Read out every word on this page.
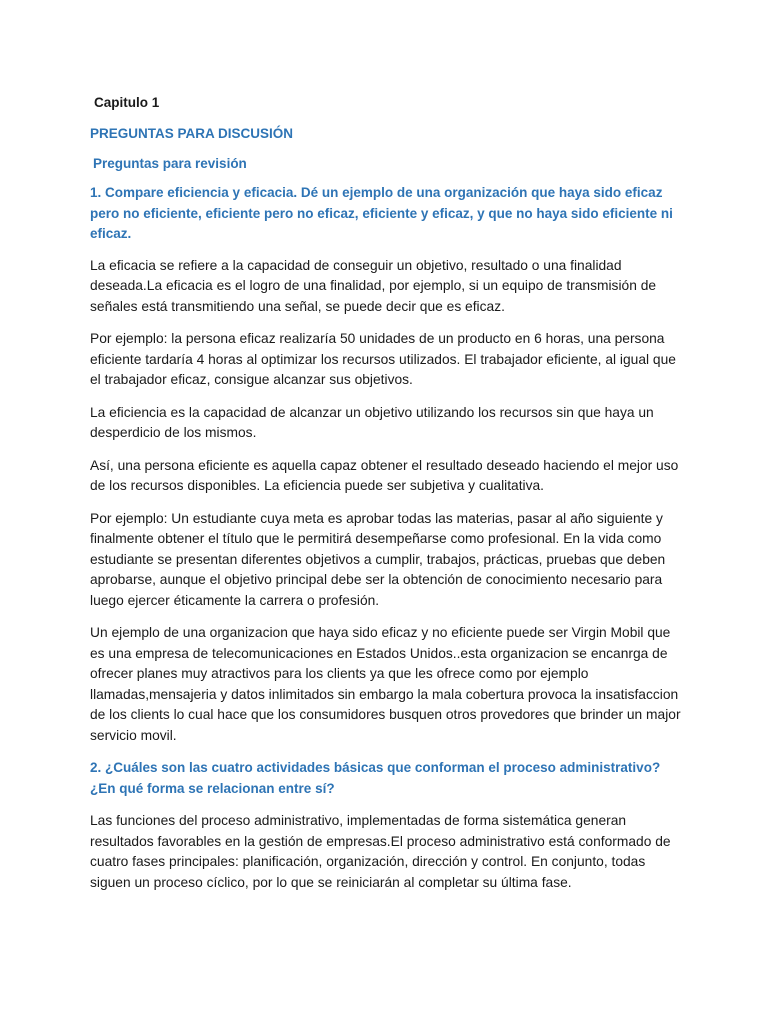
Capitulo 1
PREGUNTAS PARA DISCUSIÓN
Preguntas para revisión
1. Compare eficiencia y eficacia. Dé un ejemplo de una organización que haya sido eficaz pero no eficiente, eficiente pero no eficaz, eficiente y eficaz, y que no haya sido eficiente ni eficaz.

La eficacia se refiere a la capacidad de conseguir un objetivo, resultado o una finalidad deseada.La eficacia es el logro de una finalidad, por ejemplo, si un equipo de transmisión de señales está transmitiendo una señal, se puede decir que es eficaz.

Por ejemplo: la persona eficaz realizaría 50 unidades de un producto en 6 horas, una persona eficiente tardaría 4 horas al optimizar los recursos utilizados. El trabajador eficiente, al igual que el trabajador eficaz, consigue alcanzar sus objetivos.

La eficiencia es la capacidad de alcanzar un objetivo utilizando los recursos sin que haya un desperdicio de los mismos.

Así, una persona eficiente es aquella capaz obtener el resultado deseado haciendo el mejor uso de los recursos disponibles. La eficiencia puede ser subjetiva y cualitativa.

Por ejemplo: Un estudiante cuya meta es aprobar todas las materias, pasar al año siguiente y finalmente obtener el título que le permitirá desempeñarse como profesional. En la vida como estudiante se presentan diferentes objetivos a cumplir, trabajos, prácticas, pruebas que deben aprobarse, aunque el objetivo principal debe ser la obtención de conocimiento necesario para luego ejercer éticamente la carrera o profesión.

Un ejemplo de una organizacion que haya sido eficaz y no eficiente puede ser Virgin Mobil que es una empresa de telecomunicaciones en Estados Unidos..esta organizacion se encanrga de ofrecer planes muy atractivos para los clients ya que les ofrece como por ejemplo llamadas,mensajeria y datos inlimitados sin embargo la mala cobertura provoca la insatisfaccion de los clients lo cual hace que los consumidores busquen otros provedores que brinder un major servicio movil.

2. ¿Cuáles son las cuatro actividades básicas que conforman el proceso administrativo? ¿En qué forma se relacionan entre sí?

Las funciones del proceso administrativo, implementadas de forma sistemática generan resultados favorables en la gestión de empresas.El proceso administrativo está conformado de cuatro fases principales: planificación, organización, dirección y control. En conjunto, todas siguen un proceso cíclico, por lo que se reiniciarán al completar su última fase.
